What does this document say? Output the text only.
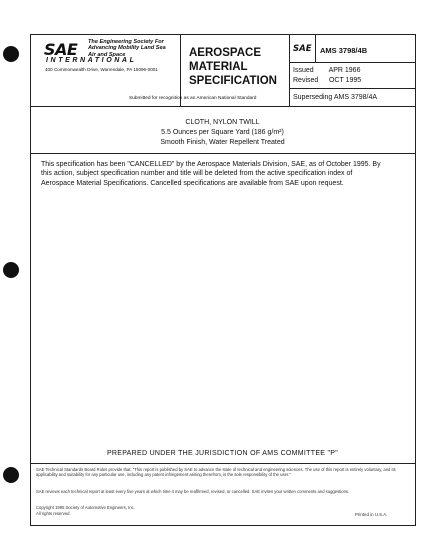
SAE The Engineering Society For Advancing Mobility Land Sea Air and Space
INTERNATIONAL
400 Commonwealth Drive, Warrendale, PA 15096-0001
Submitted for recognition as an American National Standard
AEROSPACE
MATERIAL
SPECIFICATION
SAE AMS 3798/4B
Issued APR 1966
Revised OCT 1995
Superseding AMS 3798/4A
CLOTH, NYLON TWILL
5.5 Ounces per Square Yard (186 g/m²)
Smooth Finish, Water Repellent Treated
This specification has been "CANCELLED" by the Aerospace Materials Division, SAE, as of October 1995. By this action, subject specification number and title will be deleted from the active specification index of Aerospace Material Specifications. Cancelled specifications are available from SAE upon request.
PREPARED UNDER THE JURISDICTION OF AMS COMMITTEE "P"
SAE Technical Standards Board Rules provide that: "This report is published by SAE to advance the state of technical and engineering sciences. The use of this report is entirely voluntary, and its applicability and suitability for any particular use, including any patent infringement arising therefrom, is the sole responsibility of the user."
SAE reviews each technical report at least every five years at which time it may be reaffirmed, revised, or cancelled. SAE invites your written comments and suggestions.
Copyright 1995 Society of Automotive Engineers, Inc.
All rights reserved.	Printed in U.S.A.
